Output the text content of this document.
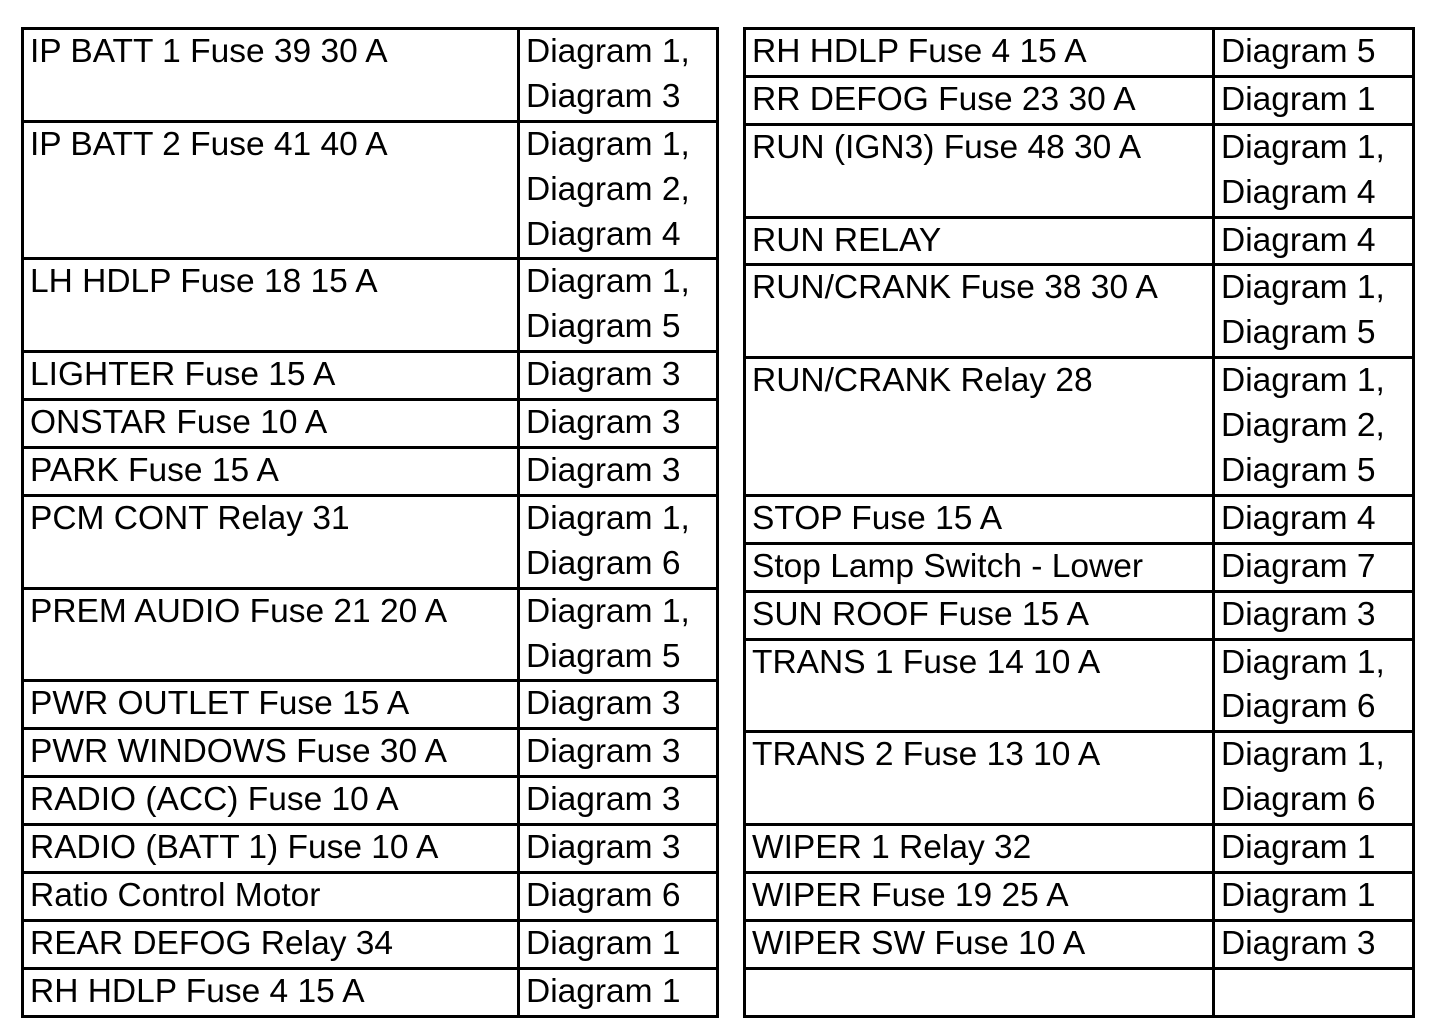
IP BATT 1 Fuse 39 30 A	Diagram 1,
Diagram 3

IP BATT 2 Fuse 41 40 A	Diagram 1,
Diagram 2,
Diagram 4

LH HDLP Fuse 18 15 A	Diagram 1,
Diagram 5

LIGHTER Fuse 15 A	Diagram 3

ONSTAR Fuse 10 A	Diagram 3

PARK Fuse 15 A	Diagram 3

PCM CONT Relay 31	Diagram 1,
Diagram 6

PREM AUDIO Fuse 21 20 A	Diagram 1,
Diagram 5

PWR OUTLET Fuse 15 A	Diagram 3

PWR WINDOWS Fuse 30 A	Diagram 3

RADIO (ACC) Fuse 10 A	Diagram 3

RADIO (BATT 1) Fuse 10 A	Diagram 3

Ratio Control Motor	Diagram 6

REAR DEFOG Relay 34	Diagram 1

RH HDLP Fuse 4 15 A	Diagram 1
RH HDLP Fuse 4 15 A	Diagram 5

RR DEFOG Fuse 23 30 A	Diagram 1

RUN (IGN3) Fuse 48 30 A	Diagram 1,
Diagram 4

RUN RELAY	Diagram 4

RUN/CRANK Fuse 38 30 A	Diagram 1,
Diagram 5

RUN/CRANK Relay 28	Diagram 1,
Diagram 2,
Diagram 5

STOP Fuse 15 A	Diagram 4

Stop Lamp Switch - Lower	Diagram 7

SUN ROOF Fuse 15 A	Diagram 3

TRANS 1 Fuse 14 10 A	Diagram 1,
Diagram 6

TRANS 2 Fuse 13 10 A	Diagram 1,
Diagram 6

WIPER 1 Relay 32	Diagram 1

WIPER Fuse 19 25 A	Diagram 1

WIPER SW Fuse 10 A	Diagram 3
